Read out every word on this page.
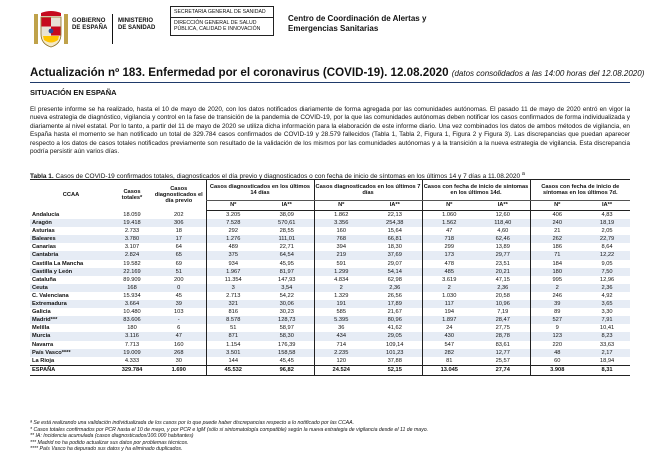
GOBIERNO
DE ESPAÑA
MINISTERIO
DE SANIDAD
SECRETARIA GENERAL DE SANIDAD
DIRECCIÓN GENERAL DE SALUD PÚBLICA, CALIDAD E INNOVACIÓN
Centro de Coordinación de Alertas y Emergencias Sanitarias
Actualización nº 183. Enfermedad por el coronavirus (COVID-19). 12.08.2020 (datos consolidados a las 14:00 horas del 12.08.2020)
SITUACIÓN EN ESPAÑA

El presente informe se ha realizado, hasta el 10 de mayo de 2020, con los datos notificados diariamente de forma agregada por las comunidades autónomas. El pasado 11 de mayo de 2020 entró en vigor la nueva estrategia de diagnóstico, vigilancia y control en la fase de transición de la pandemia de COVID-19, por la que las comunidades autónomas deben notificar los casos confirmados de forma individualizada y diariamente al nivel estatal. Por lo tanto, a partir del 11 de mayo de 2020 se utiliza dicha información para la elaboración de este informe diario. Una vez combinados los datos de ambos métodos de vigilancia, en España hasta el momento se han notificado un total de 329.784 casos confirmados de COVID-19 y 28.579 fallecidos (Tabla 1, Tabla 2, Figura 1, Figura 2 y Figura 3). Las discrepancias que puedan aparecer respecto a los datos de casos totales notificados previamente son resultado de la validación de los mismos por las comunidades autónomas y a la transición a la nueva estrategia de vigilancia. Esta discrepancia podría persistir aún varios días.

Tabla 1. Casos de COVID-19 confirmados totales, diagnosticados el día previo y diagnosticados o con fecha de inicio de síntomas en los últimos 14 y 7 días a 11.08.2020 $^a$
CCAA	Casos totales*	Casos diagnosticados el día previo	Casos diagnosticados en los últimos 14 días		Casos diagnosticados en los últimos 7 días		Casos con fecha de inicio de síntomas en los últimos 14d.		Casos con fecha de inicio de síntomas en los últimos 7d.	
			Nº	IA**	Nº	IA**	Nº	IA**	Nº	IA**
Andalucía	18.059	202	3.205	38,09	1.862	22,13	1.060	12,60	406	4,83
Aragón	19.418	306	7.528	570,61	3.356	254,38	1.562	118,40	240	18,19
Asturias	2.733	18	292	28,55	160	15,64	47	4,60	21	2,05
Baleares	3.780	17	1.276	111,01	768	66,81	718	62,46	262	22,79
Canarias	3.107	64	489	22,71	394	18,30	299	13,89	186	8,64
Cantabria	2.824	65	375	64,54	219	37,69	173	29,77	71	12,22
Castilla La Mancha	19.582	69	934	45,95	591	29,07	478	23,51	184	9,05
Castilla y León	22.169	51	1.967	81,97	1.299	54,14	485	20,21	180	7,50
Cataluña	89.909	200	11.354	147,93	4.834	62,98	3.619	47,15	995	12,96
Ceuta	168	0	3	3,54	2	2,36	2	2,36	2	2,36
C. Valenciana	15.934	45	2.713	54,22	1.329	26,56	1.030	20,58	246	4,92
Extremadura	3.664	39	321	30,06	191	17,89	117	10,96	39	3,65
Galicia	10.480	103	816	30,23	585	21,67	194	7,19	89	3,30
Madrid***	83.606	-	8.578	128,73	5.395	80,96	1.897	28,47	527	7,91
Melilla	180	6	51	58,97	36	41,62	24	27,75	9	10,41
Murcia	3.116	47	871	58,30	434	29,05	430	28,78	123	8,23
Navarra	7.713	160	1.154	176,39	714	109,14	547	83,61	220	33,63
País Vasco****	19.009	268	3.501	158,58	2.235	101,23	282	12,77	48	2,17
La Rioja	4.333	30	144	45,45	120	37,88	81	25,57	60	18,94
ESPAÑA	329.784	1.690	45.532	96,82	24.524	52,15	13.045	27,74	3.908	8,31
ª Se está realizando una validación individualizada de los casos por lo que puede haber discrepancias respecto a lo notificado por las CCAA.
* Casos totales confirmados por PCR hasta el 10 de mayo, y por PCR e IgM (sólo si sintomatología compatible) según la nueva estrategia de vigilancia desde el 11 de mayo.
** IA: Incidencia acumulada (casos diagnosticados/100.000 habitantes)
*** Madrid no ha podido actualizar sus datos por problemas técnicos.
**** País Vasco ha depurado sus datos y ha eliminado duplicados.
